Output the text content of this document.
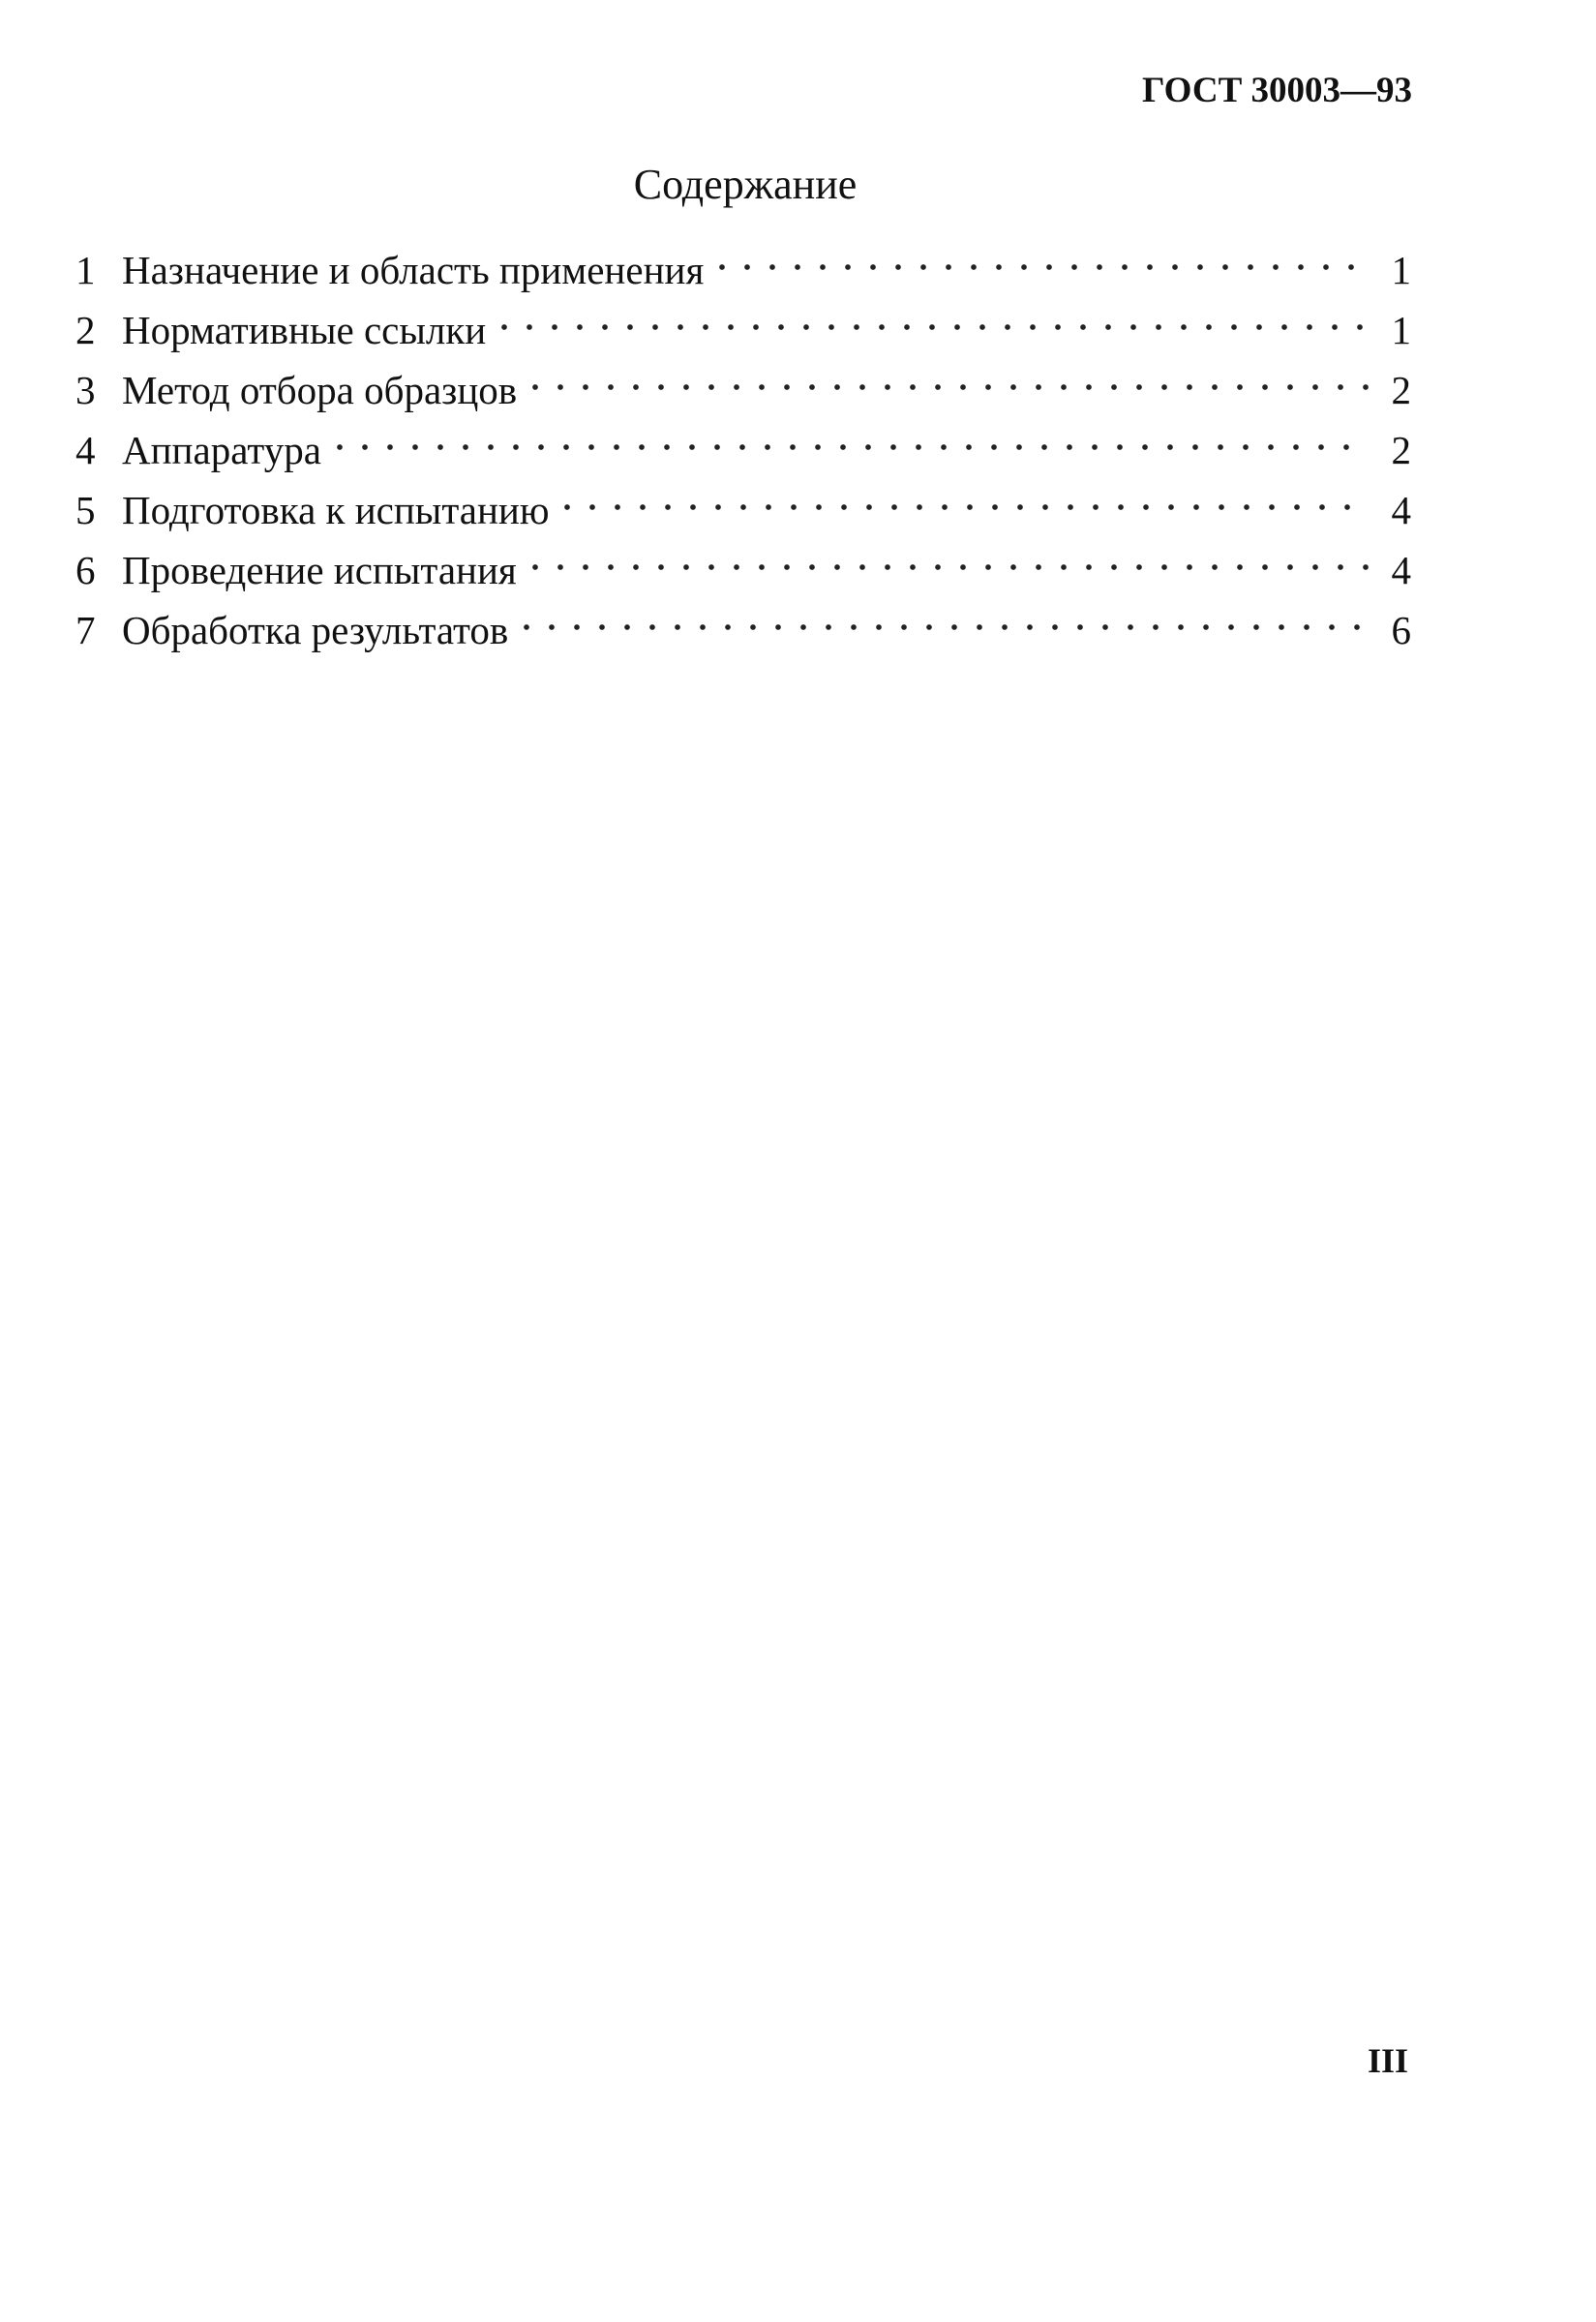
ГОСТ 30003—93
Содержание
1 Назначение и область применения	1
2 Нормативные ссылки	1
3 Метод отбора образцов	2
4 Аппаратура	2
5 Подготовка к испытанию	4
6 Проведение испытания	4
7 Обработка результатов	6
III
